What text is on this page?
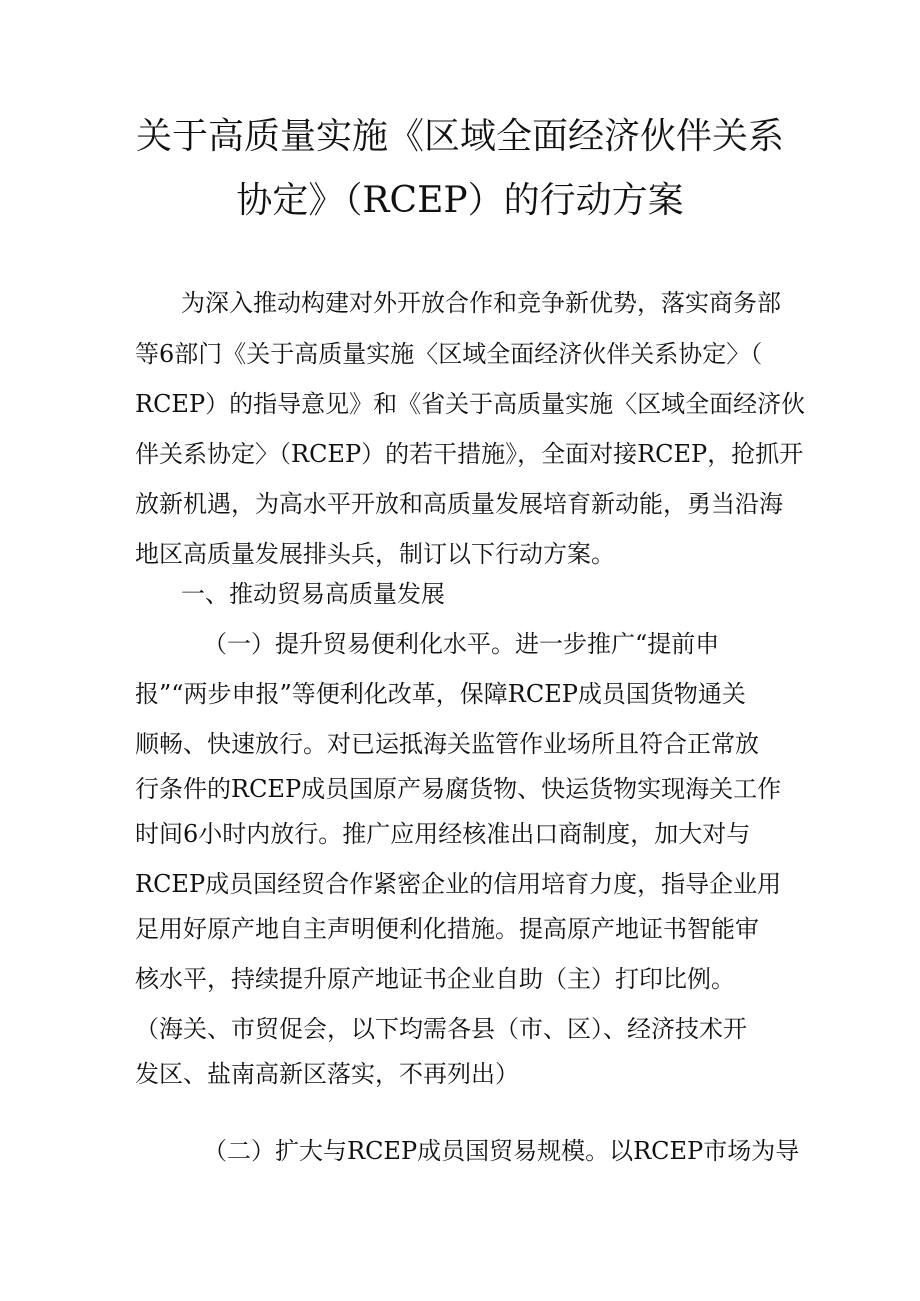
关于高质量实施《区域全面经济伙伴关系
协定》（RCEP）的行动方案
为深入推动构建对外开放合作和竞争新优势，落实商务部
等6部门《关于高质量实施〈区域全面经济伙伴关系协定〉（
RCEP）的指导意见》和《省关于高质量实施〈区域全面经济伙
伴关系协定〉（RCEP）的若干措施》，全面对接RCEP，抢抓开
放新机遇，为高水平开放和高质量发展培育新动能，勇当沿海
地区高质量发展排头兵，制订以下行动方案。
一、推动贸易高质量发展
（一）提升贸易便利化水平。进一步推广“提前申
报”“两步申报”等便利化改革，保障RCEP成员国货物通关
顺畅、快速放行。对已运抵海关监管作业场所且符合正常放
行条件的RCEP成员国原产易腐货物、快运货物实现海关工作
时间6小时内放行。推广应用经核准出口商制度，加大对与
RCEP成员国经贸合作紧密企业的信用培育力度，指导企业用
足用好原产地自主声明便利化措施。提高原产地证书智能审
核水平，持续提升原产地证书企业自助（主）打印比例。
（海关、市贸促会，以下均需各县（市、区）、经济技术开
发区、盐南高新区落实，不再列出）
（二）扩大与RCEP成员国贸易规模。以RCEP市场为导
